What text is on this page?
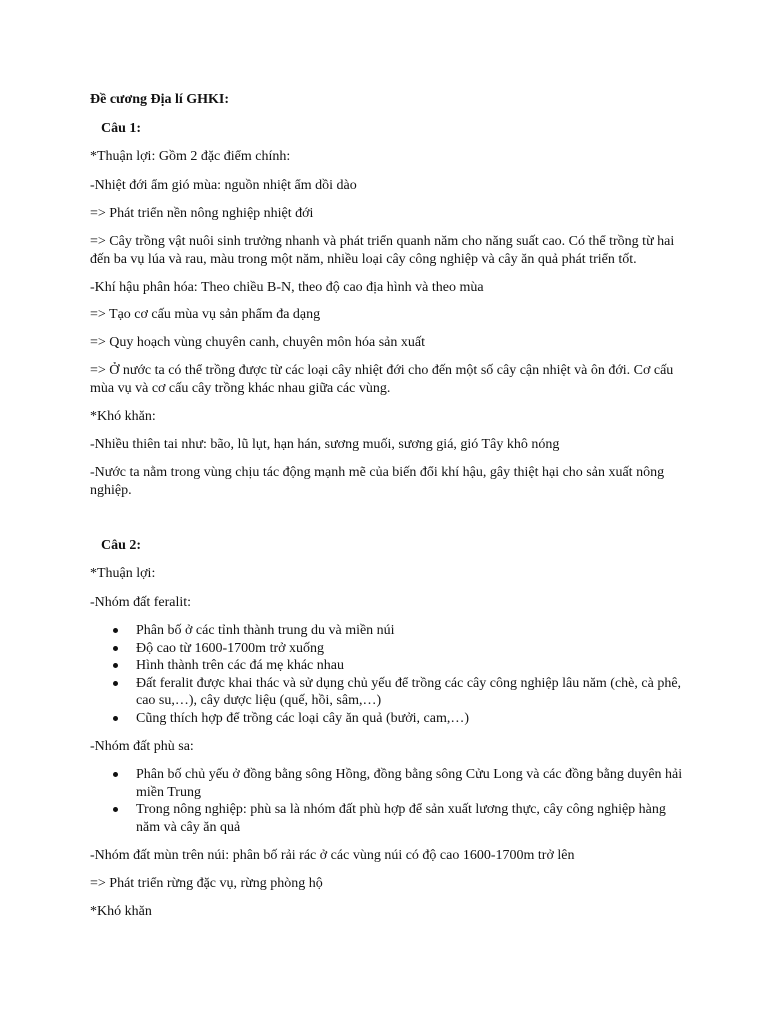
Đề cương Địa lí GHKI:
Câu 1:
*Thuận lợi: Gồm 2 đặc điểm chính:
-Nhiệt đới ẩm gió mùa: nguồn nhiệt ẩm dồi dào
=> Phát triển nền nông nghiệp nhiệt đới
=> Cây trồng vật nuôi sinh trưởng nhanh và phát triển quanh năm cho năng suất cao. Có thể trồng từ hai đến ba vụ lúa và rau, màu trong một năm, nhiều loại cây công nghiệp và cây ăn quả phát triển tốt.
-Khí hậu phân hóa: Theo chiều B-N, theo độ cao địa hình và theo mùa
=> Tạo cơ cấu mùa vụ sản phẩm đa dạng
=> Quy hoạch vùng chuyên canh, chuyên môn hóa sản xuất
=> Ở nước ta có thể trồng được từ các loại cây nhiệt đới cho đến một số cây cận nhiệt và ôn đới. Cơ cấu mùa vụ và cơ cấu cây trồng khác nhau giữa các vùng.
*Khó khăn:
-Nhiều thiên tai như: bão, lũ lụt, hạn hán, sương muối, sương giá, gió Tây khô nóng
-Nước ta nằm trong vùng chịu tác động mạnh mẽ của biến đổi khí hậu, gây thiệt hại cho sản xuất nông nghiệp.
Câu 2:
*Thuận lợi:
-Nhóm đất feralit:
Phân bố ở các tỉnh thành trung du và miền núi
Độ cao từ 1600-1700m trở xuống
Hình thành trên các đá mẹ khác nhau
Đất feralit được khai thác và sử dụng chủ yếu để trồng các cây công nghiệp lâu năm (chè, cà phê, cao su,…), cây dược liệu (quế, hồi, sâm,…)
Cũng thích hợp để trồng các loại cây ăn quả (bưởi, cam,…)
-Nhóm đất phù sa:
Phân bố chủ yếu ở đồng bằng sông Hồng, đồng bằng sông Cửu Long và các đồng bằng duyên hải miền Trung
Trong nông nghiệp: phù sa là nhóm đất phù hợp để sản xuất lương thực, cây công nghiệp hàng năm và cây ăn quả
-Nhóm đất mùn trên núi: phân bố rải rác ở các vùng núi có độ cao 1600-1700m trở lên
=> Phát triển rừng đặc vụ, rừng phòng hộ
*Khó khăn
